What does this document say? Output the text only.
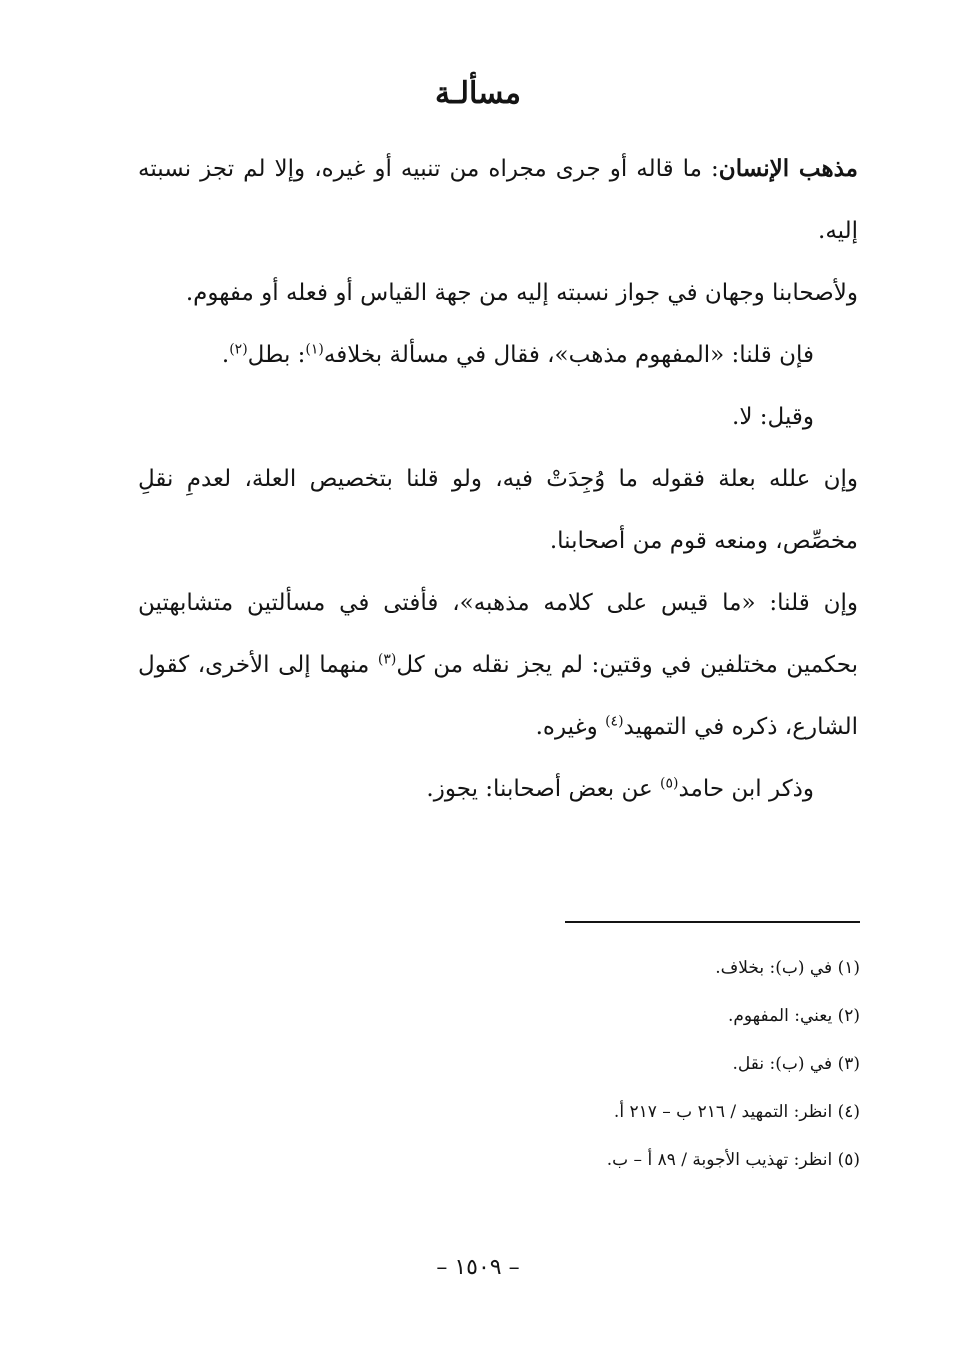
مسألـة

مذهب الإنسان: ما قاله أو جرى مجراه من تنبيه أو غيره، وإلا لم تجز نسبته إليه.

ولأصحابنا وجهان في جواز نسبته إليه من جهة القياس أو فعله أو مفهوم.

فإن قلنا: «المفهوم مذهب»، فقال في مسألة بخلافه$^{(١)}$: بطل$^{(٢)}$.

وقيل: لا.

وإن علله بعلة فقوله ما وُجِدَتْ فيه، ولو قلنا بتخصيص العلة، لعدمِ نقلِ مخصِّص، ومنعه قوم من أصحابنا.

وإن قلنا: «ما قيس على كلامه مذهبه»، فأفتى في مسألتين متشابهتين بحكمين مختلفين في وقتين: لم يجز نقله من كل$^{(٣)}$ منهما إلى الأخرى، كقول الشارع، ذكره في التمهيد$^{(٤)}$ وغيره.

وذكر ابن حامد$^{(٥)}$ عن بعض أصحابنا: يجوز.

(١) في (ب): بخلاف.

(٢) يعني: المفهوم.

(٣) في (ب): نقل.

(٤) انظر: التمهيد / ٢١٦ ب – ٢١٧ أ.

(٥) انظر: تهذيب الأجوبة / ٨٩ أ – ب.

– ١٥٠٩ –
